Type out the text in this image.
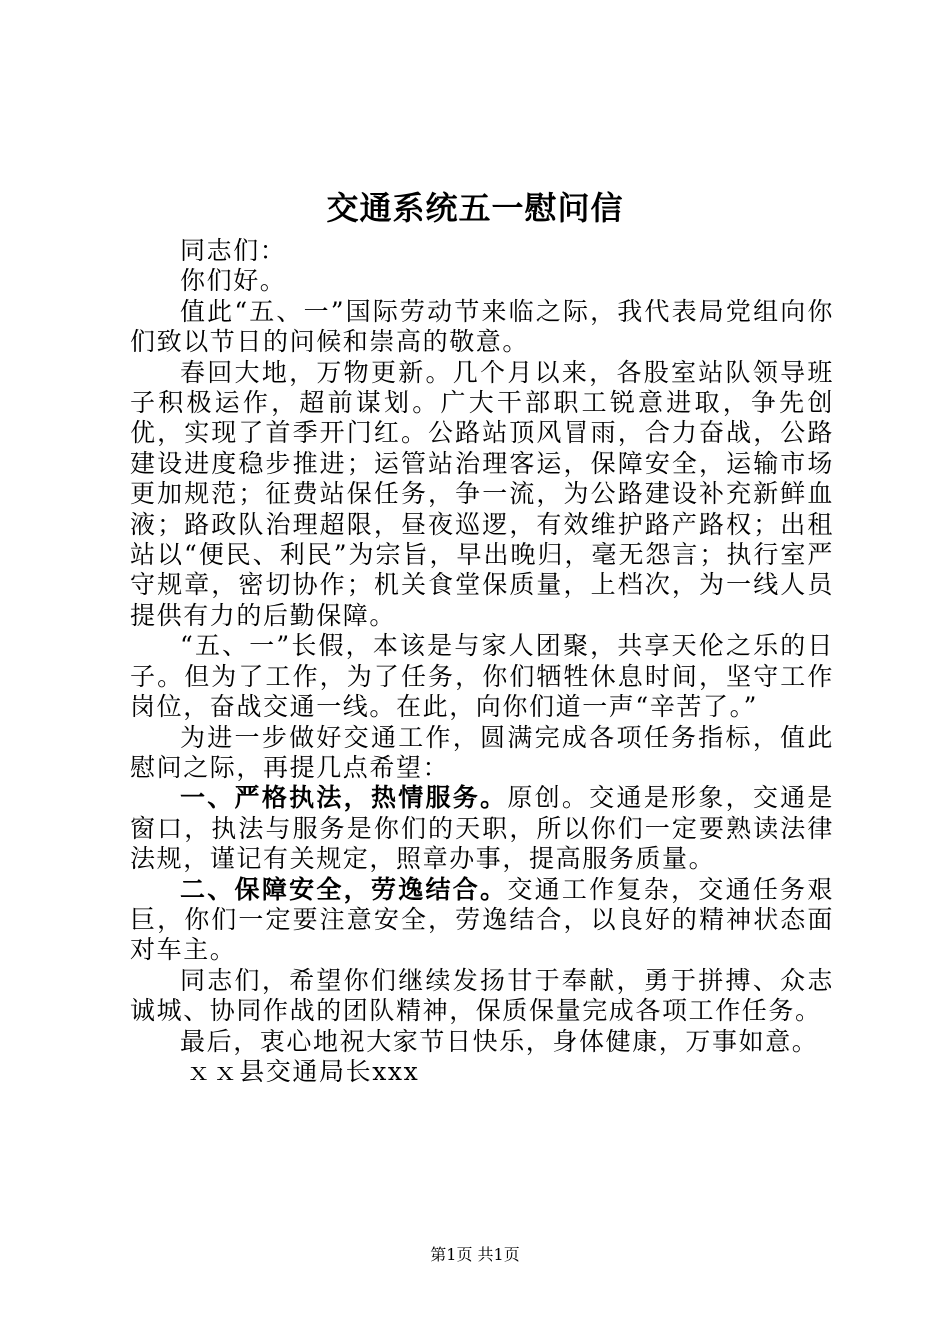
交通系统五一慰问信

同志们：

你们好。

值此“五、一”国际劳动节来临之际，我代表局党组向你们致以节日的问候和崇高的敬意。

春回大地，万物更新。几个月以来，各股室站队领导班子积极运作，超前谋划。广大干部职工锐意进取，争先创优，实现了首季开门红。公路站顶风冒雨，合力奋战，公路建设进度稳步推进；运管站治理客运，保障安全，运输市场更加规范；征费站保任务，争一流，为公路建设补充新鲜血液；路政队治理超限，昼夜巡逻，有效维护路产路权；出租站以“便民、利民”为宗旨，早出晚归，毫无怨言；执行室严守规章，密切协作；机关食堂保质量，上档次，为一线人员提供有力的后勤保障。

“五、一”长假，本该是与家人团聚，共享天伦之乐的日子。但为了工作，为了任务，你们牺牲休息时间，坚守工作岗位，奋战交通一线。在此，向你们道一声“辛苦了。”

为进一步做好交通工作，圆满完成各项任务指标，值此慰问之际，再提几点希望：

一、严格执法，热情服务。原创。交通是形象，交通是窗口，执法与服务是你们的天职，所以你们一定要熟读法律法规，谨记有关规定，照章办事，提高服务质量。

二、保障安全，劳逸结合。交通工作复杂，交通任务艰巨，你们一定要注意安全，劳逸结合，以良好的精神状态面对车主。

同志们，希望你们继续发扬甘于奉献，勇于拼搏、众志诚城、协同作战的团队精神，保质保量完成各项工作任务。

最后，衷心地祝大家节日快乐，身体健康，万事如意。

ｘｘ县交通局长xxx

第1页 共1页
